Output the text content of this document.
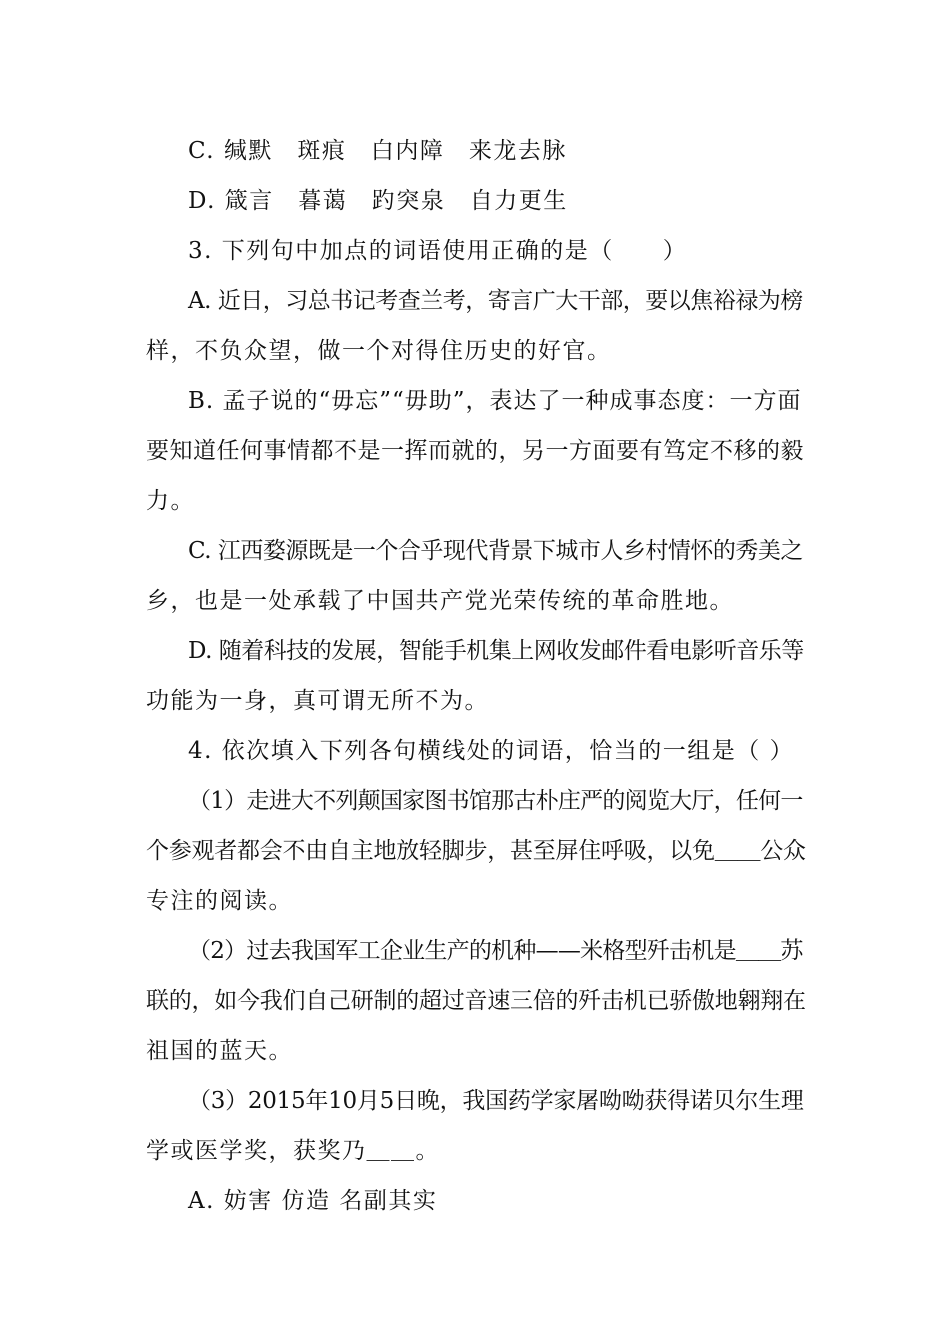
C. 缄默　斑痕　白内障　来龙去脉
D. 箴言　暮蔼　趵突泉　自力更生
3. 下列句中加点的词语使用正确的是（　　）
A. 近日，习总书记考查兰考，寄言广大干部，要以焦裕禄为榜
样，不负众望，做一个对得住历史的好官。
B. 孟子说的“毋忘”“毋助”，表达了一种成事态度：一方面
要知道任何事情都不是一挥而就的，另一方面要有笃定不移的毅
力。
C. 江西婺源既是一个合乎现代背景下城市人乡村情怀的秀美之
乡，也是一处承载了中国共产党光荣传统的革命胜地。
D. 随着科技的发展，智能手机集上网收发邮件看电影听音乐等
功能为一身，真可谓无所不为。
4. 依次填入下列各句横线处的词语，恰当的一组是（ ）
（1）走进大不列颠国家图书馆那古朴庄严的阅览大厅，任何一
个参观者都会不由自主地放轻脚步，甚至屏住呼吸，以免＿＿公众
专注的阅读。
（2）过去我国军工企业生产的机种——米格型歼击机是＿＿苏
联的，如今我们自己研制的超过音速三倍的歼击机已骄傲地翱翔在
祖国的蓝天。
（3）2015年10月5日晚，我国药学家屠呦呦获得诺贝尔生理
学或医学奖，获奖乃＿＿。
A. 妨害 仿造 名副其实
